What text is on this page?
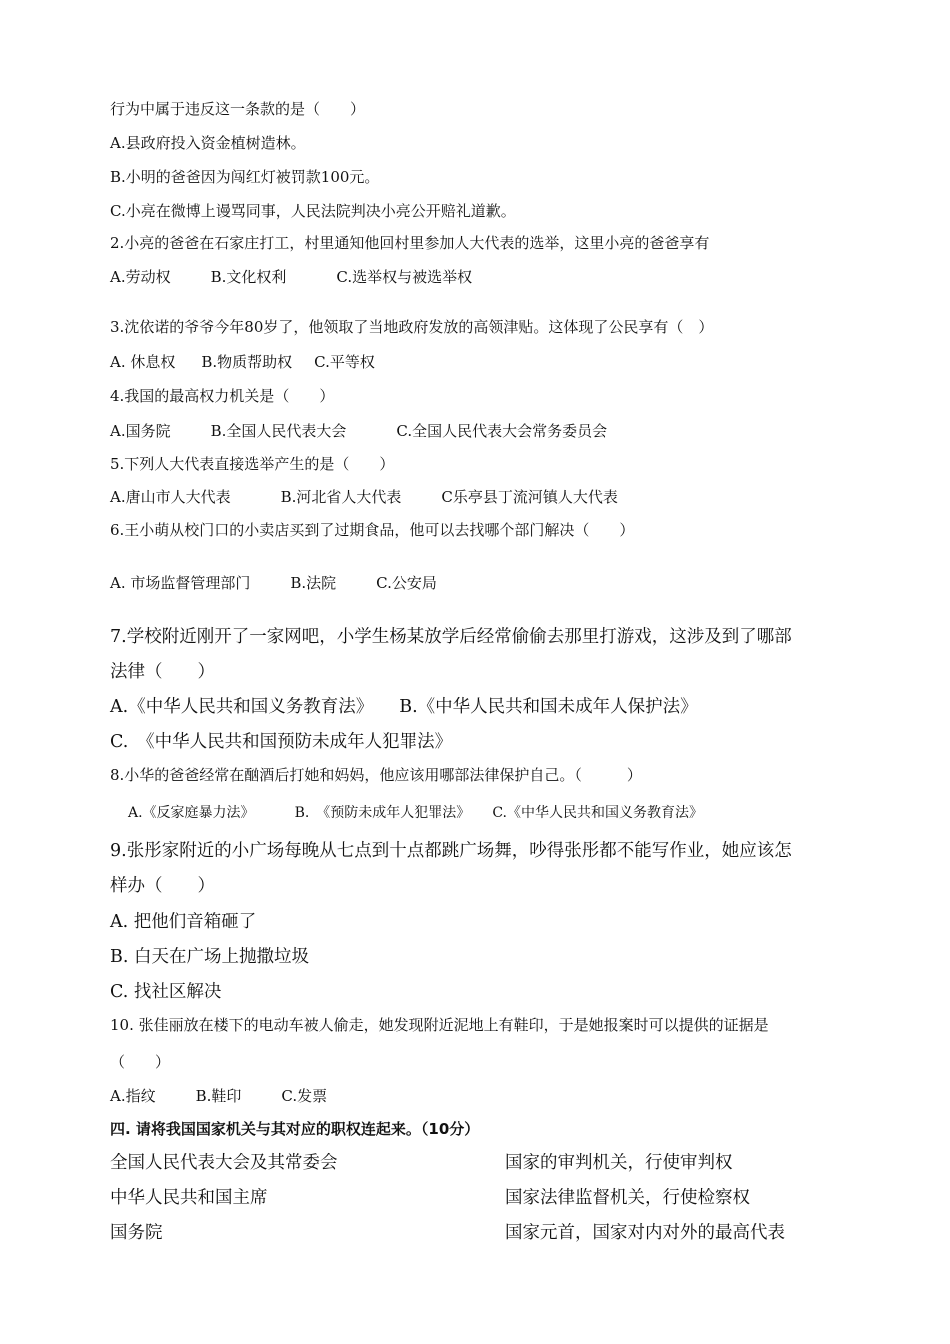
行为中属于违反这一条款的是（　　）
A.县政府投入资金植树造林。
B.小明的爸爸因为闯红灯被罚款100元。
C.小亮在微博上谩骂同事，人民法院判决小亮公开赔礼道歉。
2.小亮的爸爸在石家庄打工，村里通知他回村里参加人大代表的选举，这里小亮的爸爸享有
A.劳动权	B.文化权利	C.选举权与被选举权
3.沈依诺的爷爷今年80岁了，他领取了当地政府发放的高领津贴。这体现了公民享有（　）
A. 休息权 B.物质帮助权 C.平等权
4.我国的最高权力机关是（　　）
A.国务院	B.全国人民代表大会	C.全国人民代表大会常务委员会
5.下列人大代表直接选举产生的是（　　）
A.唐山市人大代表	B.河北省人大代表	C乐亭县丁流河镇人大代表
6.王小萌从校门口的小卖店买到了过期食品，他可以去找哪个部门解决（　　）
A. 市场监督管理部门	B.法院	C.公安局
7.学校附近刚开了一家网吧，小学生杨某放学后经常偷偷去那里打游戏，这涉及到了哪部
法律（　　）
A.《中华人民共和国义务教育法》 B.《中华人民共和国未成年人保护法》
C.　《中华人民共和国预防未成年人犯罪法》
8.小华的爸爸经常在酗酒后打她和妈妈，他应该用哪部法律保护自己。（　　　）
A.《反家庭暴力法》	B.　《预防未成年人犯罪法》 C.《中华人民共和国义务教育法》
9.张彤家附近的小广场每晚从七点到十点都跳广场舞，吵得张彤都不能写作业，她应该怎
样办（　　）
A. 把他们音箱砸了
B. 白天在广场上抛撒垃圾
C. 找社区解决
10. 张佳丽放在楼下的电动车被人偷走，她发现附近泥地上有鞋印，于是她报案时可以提供的证据是
（　　）
A.指纹	B.鞋印	C.发票
四. 请将我国国家机关与其对应的职权连起来。（10分）
全国人民代表大会及其常委会	国家的审判机关，行使审判权
中华人民共和国主席	国家法律监督机关，行使检察权
国务院	国家元首，国家对内对外的最高代表
